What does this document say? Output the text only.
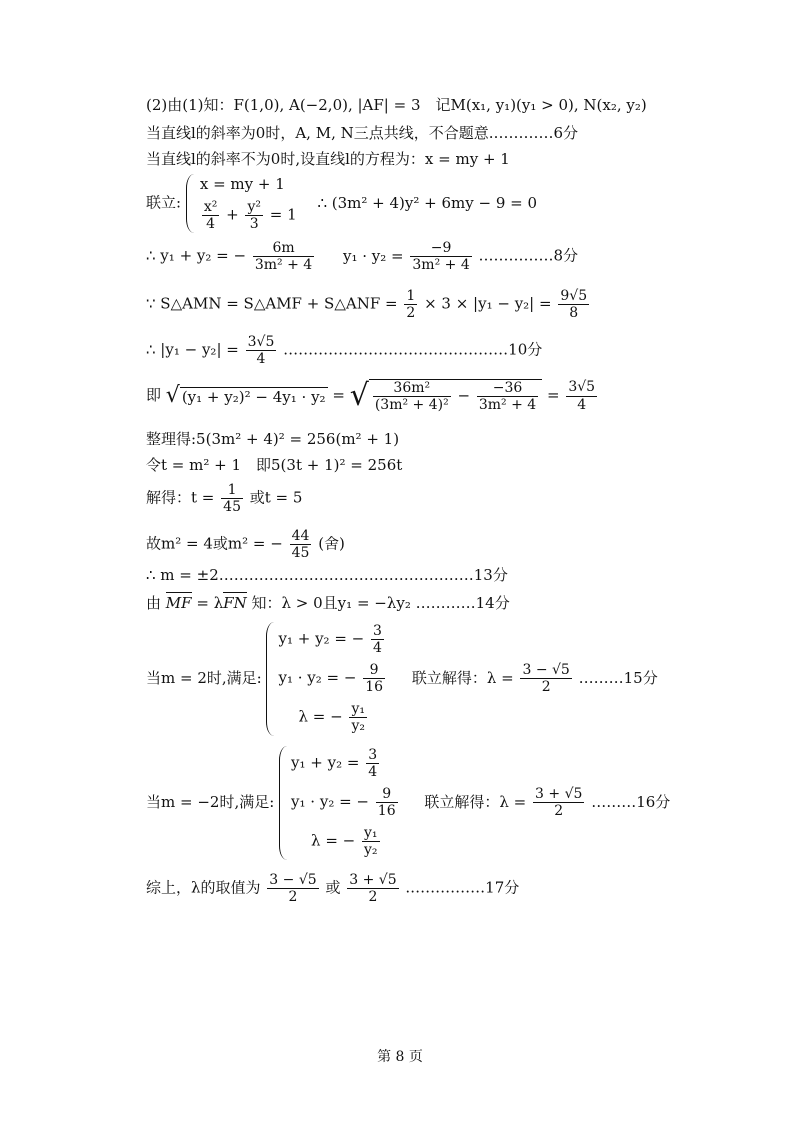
(2)由(1)知：F(1,0), A(−2,0), |AF| = 3　记M(x₁, y₁)(y₁ > 0), N(x₂, y₂)
当直线l的斜率为0时，A, M, N三点共线，不合题意.…………6分
当直线l的斜率不为0时,设直线l的方程为：x = my + 1
联立:
x = my + 1
$\frac{\text{x²}}{4} + \frac{\text{y²}}{3} = 1$
∴ (3m² + 4)y² + 6my − 9 = 0
∴ y₁ + y₂ = − $\frac{6m}{\text{3m² + 4}} y_1 \cdot y_2 = \frac{-9}{\text{3m² + 4}}$ ……………8分
∵ S△AMN = S△AMF + S△ANF = $\frac{1}{2} \times 3 \times |y_1 - y_2| = \frac{9√5}{8}$
∴ $|y_1 - y_2| = \frac{3√5}{4}$ ………………………………………10分
即 √ (y₁ + y₂)² − 4y₁ · y₂ = √ $\frac{\text{36m²}}{\text{(3m² + 4)²}} - \frac{-36}{\text{3m² + 4}} = \frac{3√5}{4}$
整理得:5(3m² + 4)² = 256(m² + 1)
令t = m² + 1　即5(3t + 1)² = 256t
解得：$t = \frac{1}{45}$ 或t = 5
故m² = 4或m² = − $\frac{44}{45}$ (舍)
∴ m = ±2……………………………………………13分
由 MF = λFN 知：λ > 0且y₁ = −λy₂ …………14分
当m = 2时,满足:
y₁ + y₂ = − $\frac{3}{4}$
y₁ · y₂ = − $\frac{9}{16}$
λ = − $\frac{\text{y₁}}{\text{y₂}}$
联立解得：$\lambda = \frac{3 - √5}{2}$ ………15分
当m = −2时,满足:
$y_1 + y_2 = \frac{3}{4}$
y₁ · y₂ = − $\frac{9}{16}$
λ = − $\frac{\text{y₁}}{\text{y₂}}$
联立解得：$\lambda = \frac{3 + √5}{2}$ ………16分
综上，λ的取值为 $\frac{3 - √5}{2}$ 或 $\frac{3 + √5}{2}$ .……………17分
第 8 页
